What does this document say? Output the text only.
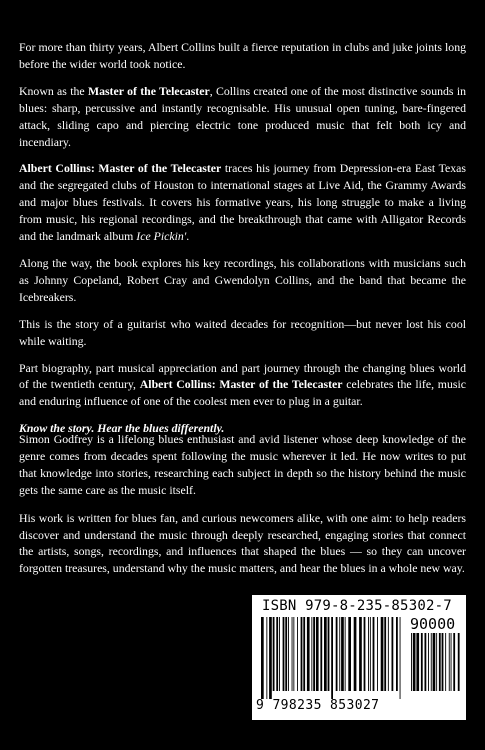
For more than thirty years, Albert Collins built a fierce reputation in clubs and juke joints long before the wider world took notice.

Known as the Master of the Telecaster, Collins created one of the most distinctive sounds in blues: sharp, percussive and instantly recognisable. His unusual open tuning, bare-fingered attack, sliding capo and piercing electric tone produced music that felt both icy and incendiary.

Albert Collins: Master of the Telecaster traces his journey from Depression-era East Texas and the segregated clubs of Houston to international stages at Live Aid, the Grammy Awards and major blues festivals. It covers his formative years, his long struggle to make a living from music, his regional recordings, and the breakthrough that came with Alligator Records and the landmark album Ice Pickin'.

Along the way, the book explores his key recordings, his collaborations with musicians such as Johnny Copeland, Robert Cray and Gwendolyn Collins, and the band that became the Icebreakers.

This is the story of a guitarist who waited decades for recognition—but never lost his cool while waiting.

Part biography, part musical appreciation and part journey through the changing blues world of the twentieth century, Albert Collins: Master of the Telecaster celebrates the life, music and enduring influence of one of the coolest men ever to plug in a guitar.

Know the story. Hear the blues differently.

Simon Godfrey is a lifelong blues enthusiast and avid listener whose deep knowledge of the genre comes from decades spent following the music wherever it led. He now writes to put that knowledge into stories, researching each subject in depth so the history behind the music gets the same care as the music itself.

His work is written for blues fan, and curious newcomers alike, with one aim: to help readers discover and understand the music through deeply researched, engaging stories that connect the artists, songs, recordings, and influences that shaped the blues — so they can uncover forgotten treasures, understand why the music matters, and hear the blues in a whole new way.

ISBN 979-8-235-85302-7
90000
9 798235 853027
